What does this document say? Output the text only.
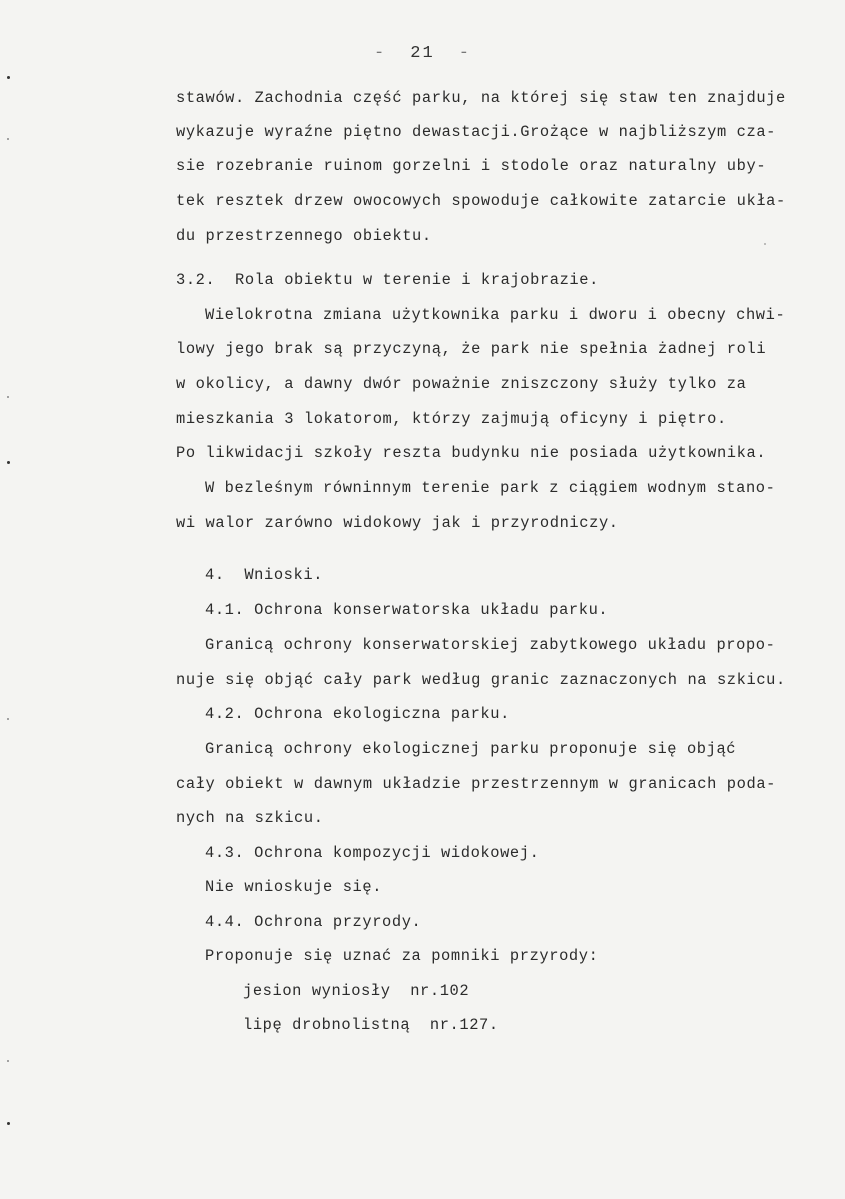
- 21 -
stawów. Zachodnia część parku, na której się staw ten znajduje
wykazuje wyraźne piętno dewastacji.Grożące w najbliższym cza-
sie rozebranie ruinom gorzelni i stodole oraz naturalny uby-
tek resztek drzew owocowych spowoduje całkowite zatarcie ukła-
du przestrzennego obiektu.
3.2.  Rola obiektu w terenie i krajobrazie.
Wielokrotna zmiana użytkownika parku i dworu i obecny chwi-
lowy jego brak są przyczyną, że park nie spełnia żadnej roli
w okolicy, a dawny dwór poważnie zniszczony służy tylko za
mieszkania 3 lokatorom, którzy zajmują oficyny i piętro.
Po likwidacji szkoły reszta budynku nie posiada użytkownika.
W bezleśnym równinnym terenie park z ciągiem wodnym stano-
wi walor zarówno widokowy jak i przyrodniczy.
4.  Wnioski.
4.1. Ochrona konserwatorska układu parku.
Granicą ochrony konserwatorskiej zabytkowego układu propo-
nuje się objąć cały park według granic zaznaczonych na szkicu.
4.2. Ochrona ekologiczna parku.
Granicą ochrony ekologicznej parku proponuje się objąć
cały obiekt w dawnym układzie przestrzennym w granicach poda-
nych na szkicu.
4.3. Ochrona kompozycji widokowej.
Nie wnioskuje się.
4.4. Ochrona przyrody.
Proponuje się uznać za pomniki przyrody:
jesion wyniosły  nr.102
lipę drobnolistną  nr.127.
